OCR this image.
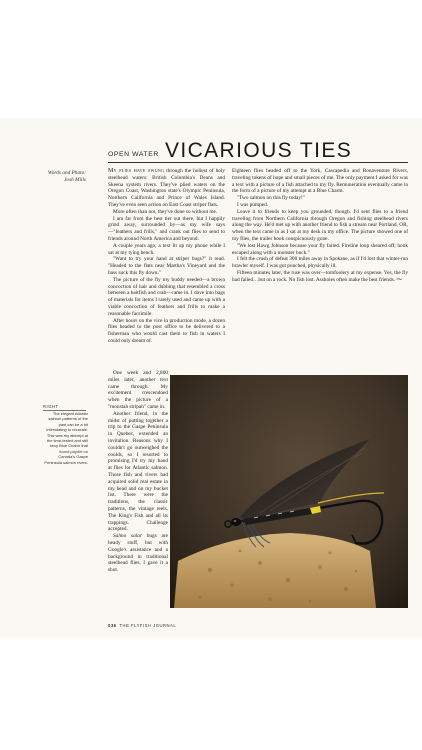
OPEN WATER VICARIOUS TIES
Words and Photo:
Josh Mills

My flies have swung through the holiest of holy steelhead waters: British Columbia's Deans and Skeena system rivers. They've plied waters on the Oregon Coast, Washington state's Olympic Peninsula, Northern California and Prince of Wales Island. They've even seen action on East Coast striper flats.

More often than not, they've done so without me.

I am far from the best tier out there, but I happily grind away, surrounded by—as my wife says—"feathers and frills," and crank out flies to send to friends around North America and beyond.

A couple years ago, a text lit up my phone while I sat at my tying bench.

"Want to try your hand at striper bugs?" it read. "Headed to the flats near Martha's Vineyard and the bass suck this fly down."

The picture of the fly my buddy needed—a brown concoction of hair and dubbing that resembled a cross between a baitfish and crab—came in. I dove into bags of materials for items I rarely used and came up with a viable concoction of feathers and frills to make a reasonable facsimile.

After hours on the vice in production mode, a dozen flies headed to the post office to be delivered to a fisherman who would cast them to fish in waters I could only dream of.

One week and 2,800 miles later, another text came through. My excitement crescendoed when the picture of a "monstah stripah" came in.

Another friend, in the midst of putting together a trip to the Gaspe Peninsula in Quebec, extended an invitation. Reasons why I couldn't go outweighed the coulds, so I resorted to promising I'd try my hand at flies for Atlantic salmon. Those fish and rivers had acquired solid real estate in my head and on my bucket list. There were the traditions, the classic patterns, the vintage reels. The King's Fish and all its trappings. Challenge accepted.

Salmo salar bugs are heady stuff, but with Google's assistance and a background in traditional steelhead flies, I gave it a shot.

Eighteen flies headed off to the York, Cascapedia and Bonaventure Rivers, traveling tokens of hope and small pieces of me. The only payment I asked for was a text with a picture of a fish attached to my fly. Remuneration eventually came in the form of a picture of my attempt at a Blue Charm.

"Two salmon on this fly today!"

I was pumped.

Leave it to friends to keep you grounded, though. I'd sent flies to a friend traveling from Northern California through Oregon and fishing steelhead rivers along the way. He'd met up with another friend to fish a stream near Portland, OR, when the text came in as I sat at my desk in my office. The picture showed one of my flies, the trailer hook conspicuously gone.

"We lost Hawg Johnson because your fly failed. Fireline loop sheared off; hook escaped along with a monster buck."

I felt the crush of defeat 300 miles away in Spokane, as if I'd lost that winter-run brawler myself. I was gut punched, physically ill.

Fifteen minutes later, the ruse was over—tomfoolery at my expense. Yes, the fly had failed…but on a rock. No fish lost. Assholes often make the best friends. ⁓

RIGHT
The elegant Atlantic salmon patterns of the past can be a bit intimidating to recreate. This was my attempt at the time-tested and still sexy Blue Charm that found paydirt on Canada's Gaspé Peninsula salmon rivers.
036 THE FLYFISH JOURNAL
